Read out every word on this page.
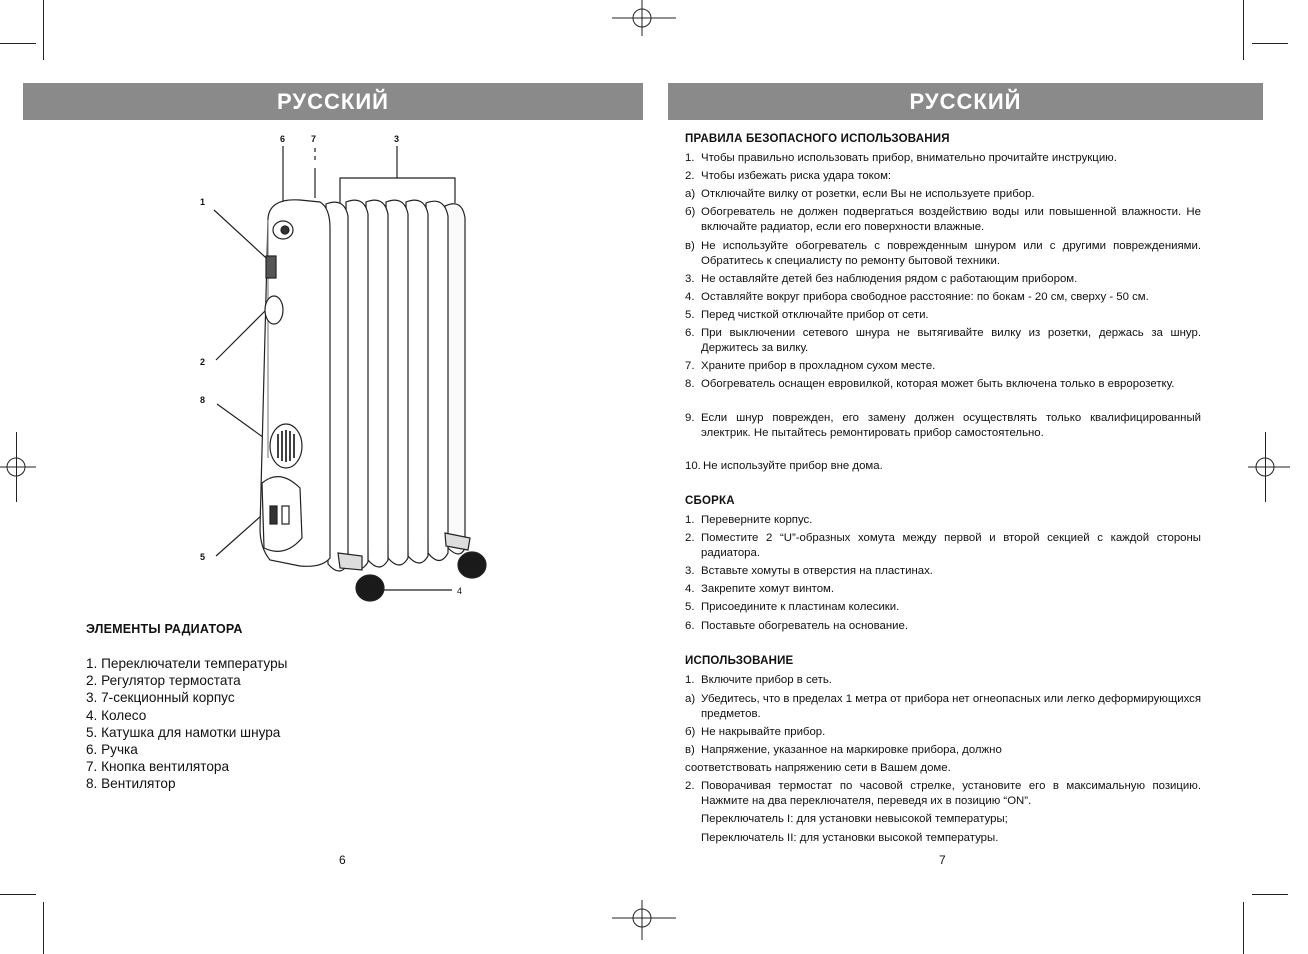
РУССКИЙ	РУССКИЙ
1
2
8
5
6	7	3
4
ЭЛЕМЕНТЫ РАДИАТОРА
1. Переключатели температуры
2. Регулятор термостата
3. 7-секционный корпус
4. Колесо
5. Катушка для намотки шнура
6. Ручка
7. Кнопка вентилятора
8. Вентилятор
ПРАВИЛА БЕЗОПАСНОГО ИСПОЛЬЗОВАНИЯ
1. Чтобы правильно использовать прибор, внимательно прочитайте инструкцию.
2. Чтобы избежать риска удара током:
а) Отключайте вилку от розетки, если Вы не используете прибор.
б) Обогреватель не должен подвергаться воздействию воды или повышенной влажности. Не включайте радиатор, если его поверхности влажные.
в) Не используйте обогреватель с поврежденным шнуром или с другими повреждениями. Обратитесь к специалисту по ремонту бытовой техники.
3. Не оставляйте детей без наблюдения рядом с работающим прибором.
4. Оставляйте вокруг прибора свободное расстояние: по бокам - 20 см, сверху - 50 см.
5. Перед чисткой отключайте прибор от сети.
6. При выключении сетевого шнура не вытягивайте вилку из розетки, держась за шнур. Держитесь за вилку.
7. Храните прибор в прохладном сухом месте.
8. Обогреватель оснащен евровилкой, которая может быть включена только в евророзетку.
9. Если шнур поврежден, его замену должен осуществлять только квалифицированный электрик. Не пытайтесь ремонтировать прибор самостоятельно.
10. Не используйте прибор вне дома.
СБОРКА
1. Переверните корпус.
2. Поместите 2 “U”-образных хомута между первой и второй секцией с каждой стороны радиатора.
3. Вставьте хомуты в отверстия на пластинах.
4. Закрепите хомут винтом.
5. Присоедините к пластинам колесики.
6. Поставьте обогреватель на основание.
ИСПОЛЬЗОВАНИЕ
1. Включите прибор в сеть.
а) Убедитесь, что в пределах 1 метра от прибора нет огнеопасных или легко деформирующихся предметов.
б) Не накрывайте прибор.
в) Напряжение, указанное на маркировке прибора, должно
соответствовать напряжению сети в Вашем доме.
2. Поворачивая термостат по часовой стрелке, установите его в максимальную позицию. Нажмите на два переключателя, переведя их в позицию “ON”.
Переключатель I: для установки невысокой температуры;
Переключатель II: для установки высокой температуры.
6	7
